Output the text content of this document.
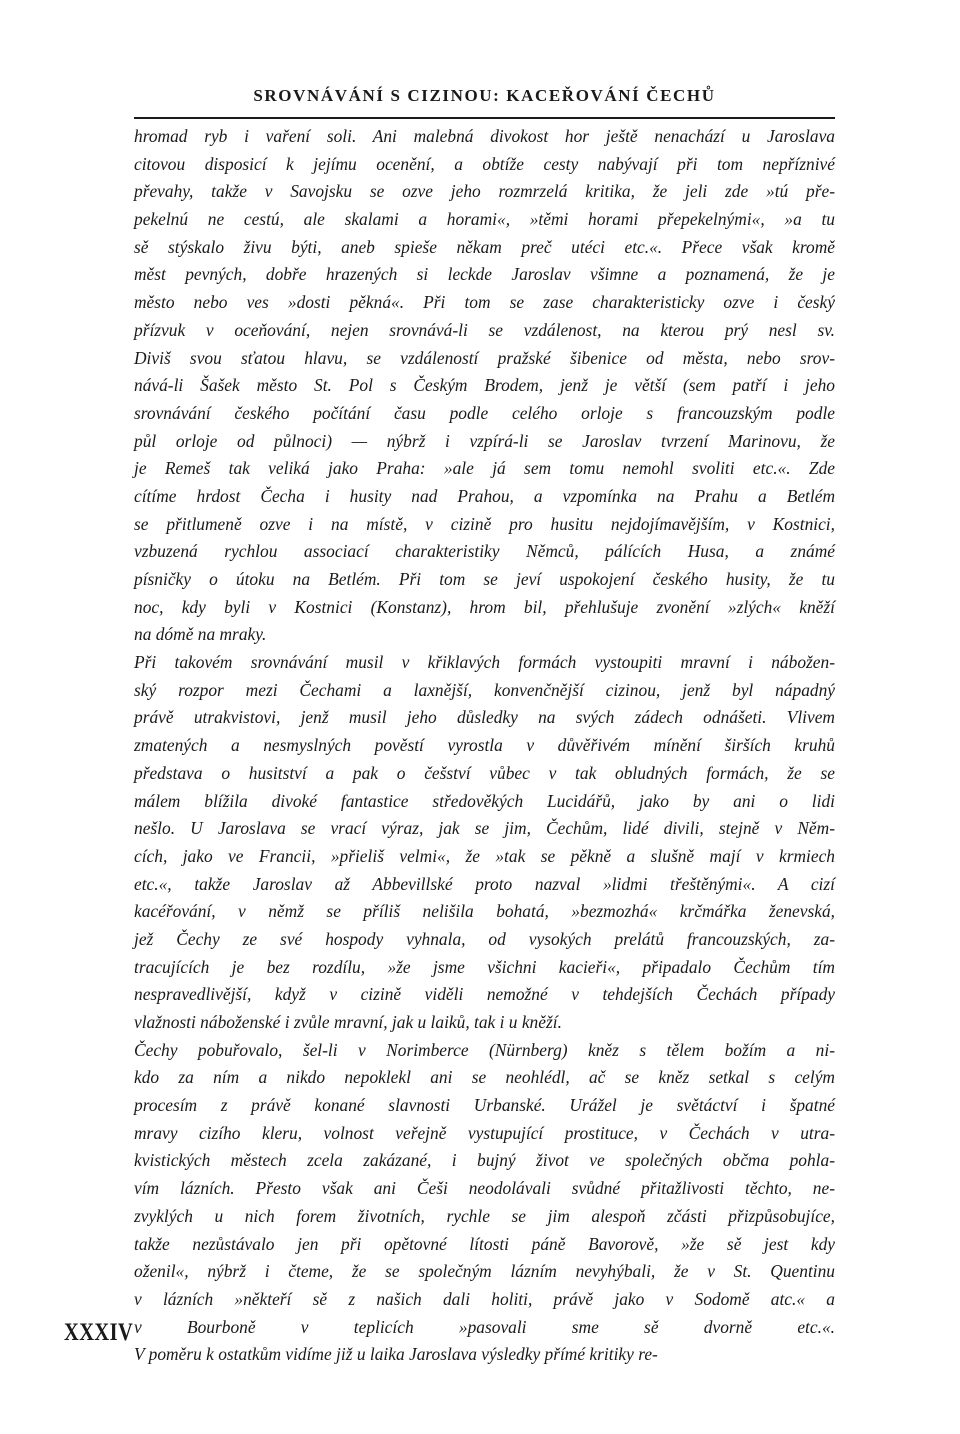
SROVNÁVÁNÍ S CIZINOU: KACEŘOVÁNÍ ČECHŮ
hromad ryb i vaření soli. Ani malebná divokost hor ještě nenachází u Jaroslava
citovou disposicí k jejímu ocenění, a obtíže cesty nabývají při tom nepříznivé
převahy, takže v Savojsku se ozve jeho rozmrzelá kritika, že jeli zde »tú pře-
pekelnú ne cestú, ale skalami a horami«, »těmi horami přepekelnými«, »a tu
sě stýskalo živu býti, aneb spieše někam preč utéci etc.«. Přece však kromě
měst pevných, dobře hrazených si leckde Jaroslav všimne a poznamená, že je
město nebo ves »dosti pěkná«. Při tom se zase charakteristicky ozve i český
přízvuk v oceňování, nejen srovnává-li se vzdálenost, na kterou prý nesl sv.
Diviš svou sťatou hlavu, se vzdáleností pražské šibenice od města, nebo srov-
nává-li Šašek město St. Pol s Českým Brodem, jenž je větší (sem patří i jeho
srovnávání českého počítání času podle celého orloje s francouzským podle
půl orloje od půlnoci) — nýbrž i vzpírá-li se Jaroslav tvrzení Marinovu, že
je Remeš tak veliká jako Praha: »ale já sem tomu nemohl svoliti etc.«. Zde
cítíme hrdost Čecha i husity nad Prahou, a vzpomínka na Prahu a Betlém
se přitlumeně ozve i na místě, v cizině pro husitu nejdojímavějším, v Kostnici,
vzbuzená rychlou associací charakteristiky Němců, pálících Husa, a známé
písničky o útoku na Betlém. Při tom se jeví uspokojení českého husity, že tu
noc, kdy byli v Kostnici (Konstanz), hrom bil, přehlušuje zvonění »zlých« kněží
na dómě na mraky.
Při takovém srovnávání musil v křiklavých formách vystoupiti mravní i nábožen-
ský rozpor mezi Čechami a laxnější, konvenčnější cizinou, jenž byl nápadný
právě utrakvistovi, jenž musil jeho důsledky na svých zádech odnášeti. Vlivem
zmatených a nesmyslných pověstí vyrostla v důvěřivém mínění širších kruhů
představa o husitství a pak o češství vůbec v tak obludných formách, že se
málem blížila divoké fantastice středověkých Lucidářů, jako by ani o lidi
nešlo. U Jaroslava se vrací výraz, jak se jim, Čechům, lidé divili, stejně v Něm-
cích, jako ve Francii, »přieliš velmi«, že »tak se pěkně a slušně mají v krmiech
etc.«, takže Jaroslav až Abbevillské proto nazval »lidmi třeštěnými«. A cizí
kacéřování, v němž se příliš nelišila bohatá, »bezmozhá« krčmářka ženevská,
jež Čechy ze své hospody vyhnala, od vysokých prelátů francouzských, za-
tracujících je bez rozdílu, »že jsme všichni kacieři«, připadalo Čechům tím
nespravedlivější, když v cizině viděli nemožné v tehdejších Čechách případy
vlažnosti náboženské i zvůle mravní, jak u laiků, tak i u kněží.
Čechy pobuřovalo, šel-li v Norimberce (Nürnberg) kněz s tělem božím a ni-
kdo za ním a nikdo nepoklekl ani se neohlédl, ač se kněz setkal s celým
procesím z právě konané slavnosti Urbanské. Urážel je světáctví i špatné
mravy cizího kleru, volnost veřejně vystupující prostituce, v Čechách v utra-
kvistických městech zcela zakázané, i bujný život ve společných občma pohla-
vím lázních. Přesto však ani Češi neodolávali svůdné přitažlivosti těchto, ne-
zvyklých u nich forem životních, rychle se jim alespoň zčásti přizpůsobujíce,
takže nezůstávalo jen při opětovné lítosti páně Bavorově, »že sě jest kdy
oženil«, nýbrž i čteme, že se společným lázním nevyhýbali, že v St. Quentinu
v lázních »někteří sě z našich dali holiti, právě jako v Sodomě atc.« a
v Bourboně v teplicích »pasovali sme sě dvorně etc.«.
V poměru k ostatkům vidíme již u laika Jaroslava výsledky přímé kritiky re-
XXXIV
